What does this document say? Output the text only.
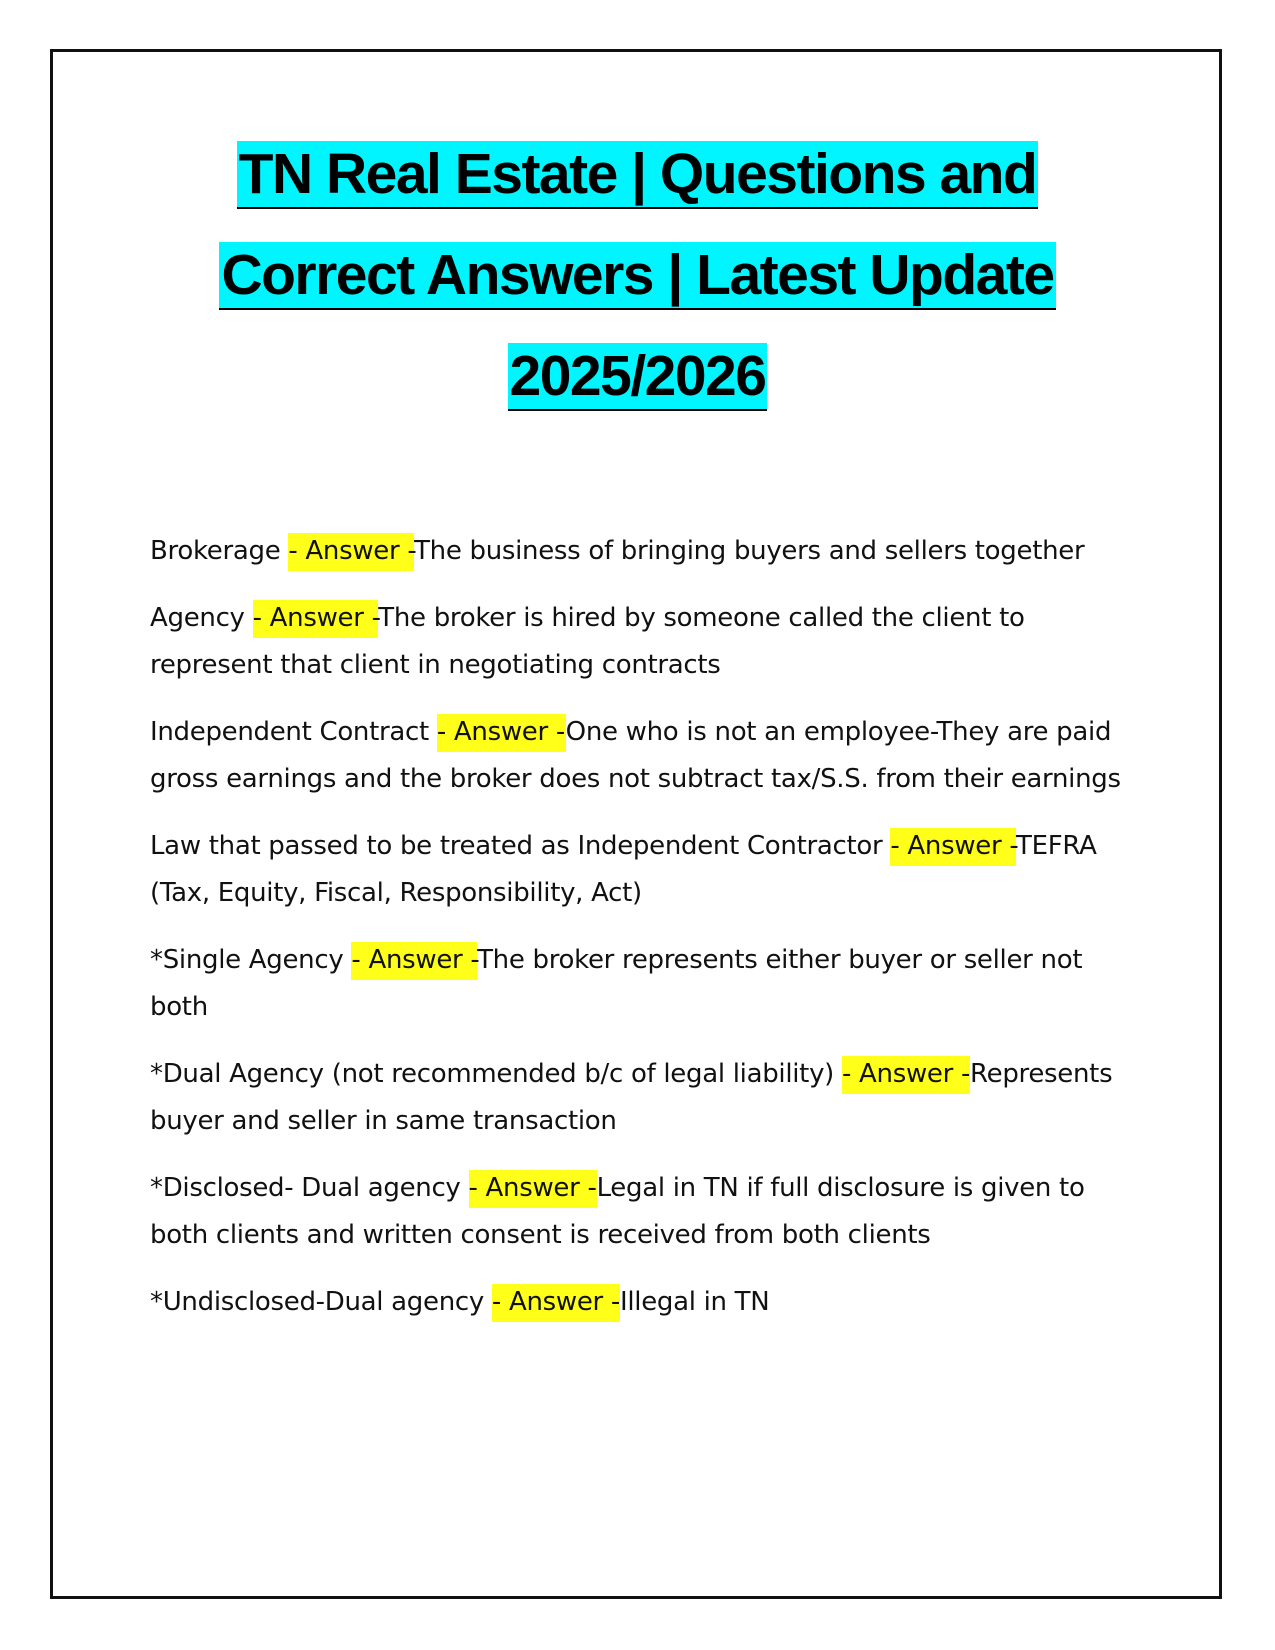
TN Real Estate | Questions and
Correct Answers | Latest Update
2025/2026
Brokerage - Answer -The business of bringing buyers and sellers together
Agency - Answer -The broker is hired by someone called the client to represent that client in negotiating contracts
Independent Contract - Answer -One who is not an employee-They are paid gross earnings and the broker does not subtract tax/S.S. from their earnings
Law that passed to be treated as Independent Contractor - Answer -TEFRA (Tax, Equity, Fiscal, Responsibility, Act)
*Single Agency - Answer -The broker represents either buyer or seller not both
*Dual Agency (not recommended b/c of legal liability) - Answer -Represents buyer and seller in same transaction
*Disclosed- Dual agency - Answer -Legal in TN if full disclosure is given to both clients and written consent is received from both clients
*Undisclosed-Dual agency - Answer -Illegal in TN
